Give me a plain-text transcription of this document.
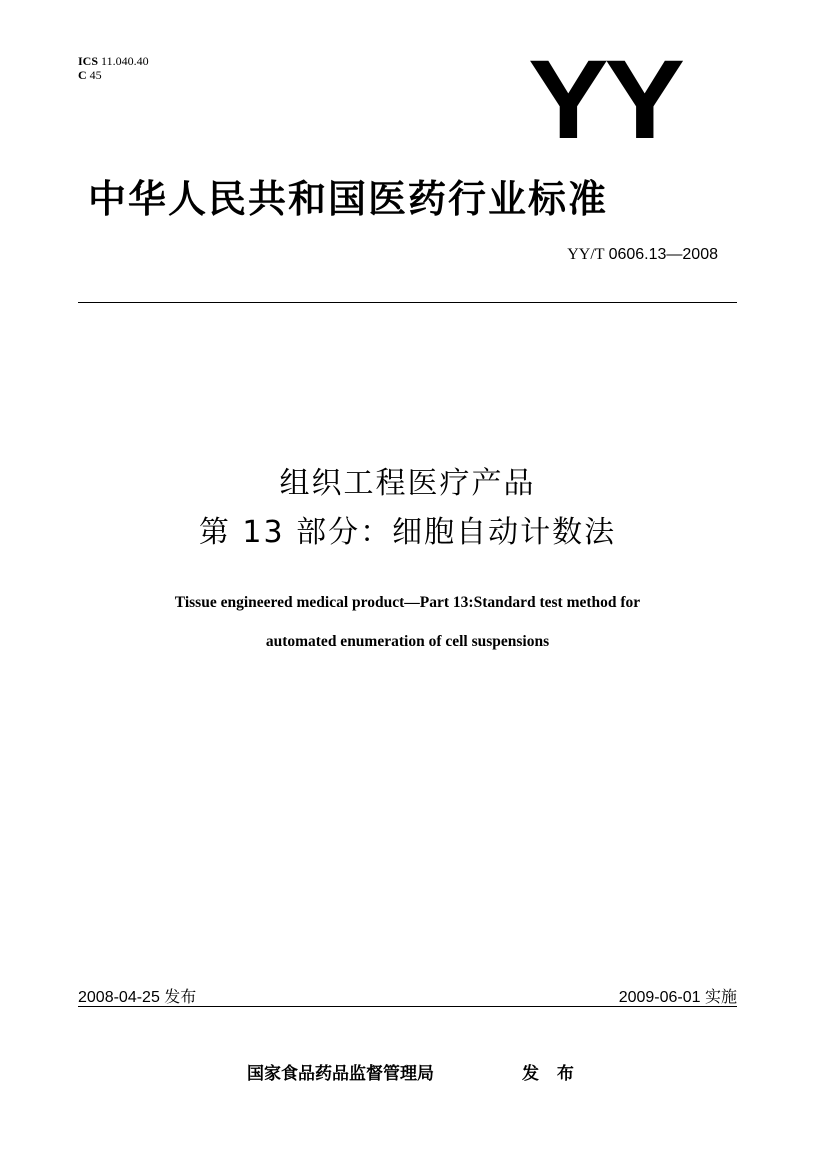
ICS 11.040.40
C 45	YY
中华人民共和国医药行业标准
YY/T 0606.13—2008
组织工程医疗产品
第 13 部分：细胞自动计数法
Tissue engineered medical product—Part 13:Standard test method for
automated enumeration of cell suspensions
2008-04-25 发布	2009-06-01 实施
国家食品药品监督管理局	发 布
